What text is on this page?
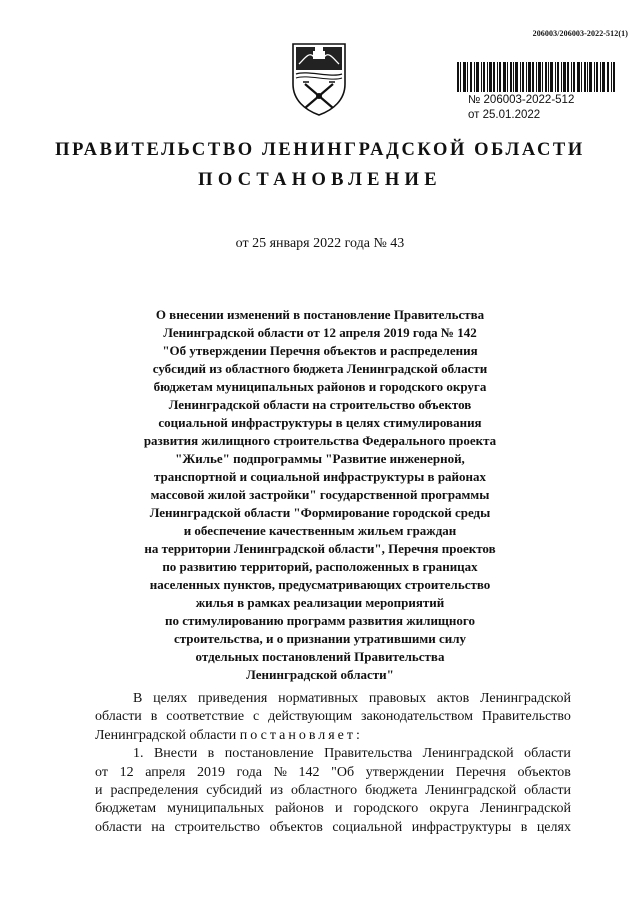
206003/206003-2022-512(1)
№ 206003-2022-512
от 25.01.2022
ПРАВИТЕЛЬСТВО ЛЕНИНГРАДСКОЙ ОБЛАСТИ
ПОСТАНОВЛЕНИЕ
от 25 января 2022 года № 43
О внесении изменений в постановление Правительства
Ленинградской области от 12 апреля 2019 года № 142
"Об утверждении Перечня объектов и распределения
субсидий из областного бюджета Ленинградской области
бюджетам муниципальных районов и городского округа
Ленинградской области на строительство объектов
социальной инфраструктуры в целях стимулирования
развития жилищного строительства Федерального проекта
"Жилье" подпрограммы "Развитие инженерной,
транспортной и социальной инфраструктуры в районах
массовой жилой застройки" государственной программы
Ленинградской области "Формирование городской среды
и обеспечение качественным жильем граждан
на территории Ленинградской области", Перечня проектов
по развитию территорий, расположенных в границах
населенных пунктов, предусматривающих строительство
жилья в рамках реализации мероприятий
по стимулированию программ развития жилищного
строительства, и о признании утратившими силу
отдельных постановлений Правительства
Ленинградской области"
В целях приведения нормативных правовых актов Ленинградской
области в соответствие с действующим законодательством Правительство
Ленинградской области постановляет:
1. Внести в постановление Правительства Ленинградской области
от 12 апреля 2019 года № 142 "Об утверждении Перечня объектов
и распределения субсидий из областного бюджета Ленинградской области
бюджетам муниципальных районов и городского округа Ленинградской
области на строительство объектов социальной инфраструктуры в целях
